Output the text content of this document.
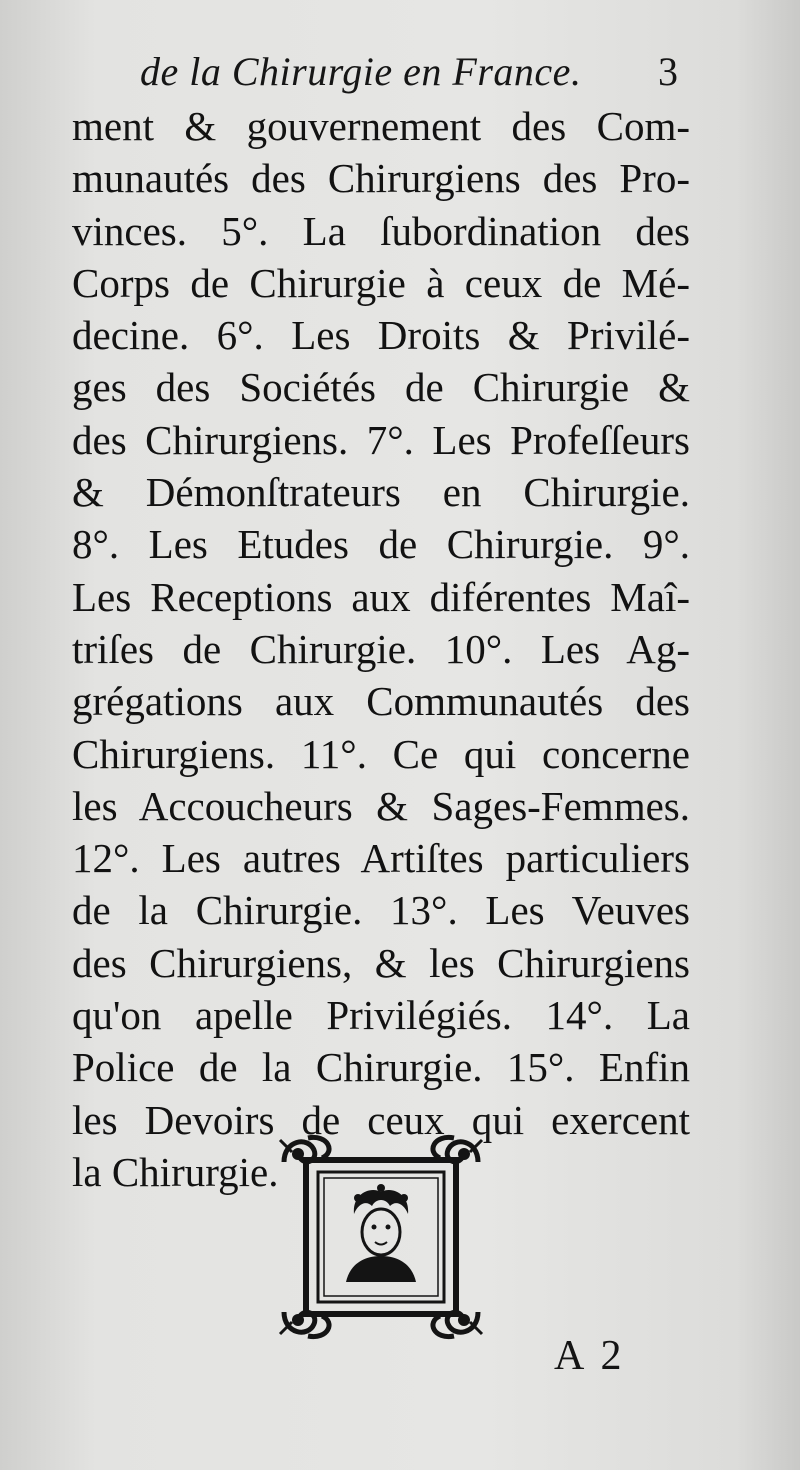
de la Chirurgie en France. 3
ment & gouvernement des Com-
munautés des Chirurgiens des Pro-
vinces. 5°. La ſubordination des
Corps de Chirurgie à ceux de Mé-
decine. 6°. Les Droits & Privilé-
ges des Sociétés de Chirurgie &
des Chirurgiens. 7°. Les Profeſſeurs
& Démonſtrateurs en Chirurgie.
8°. Les Etudes de Chirurgie. 9°.
Les Receptions aux diférentes Maî-
triſes de Chirurgie. 10°. Les Ag-
grégations aux Communautés des
Chirurgiens. 11°. Ce qui concerne
les Accoucheurs & Sages-Femmes.
12°. Les autres Artiſtes particuliers
de la Chirurgie. 13°. Les Veuves
des Chirurgiens, & les Chirurgiens
qu'on apelle Privilégiés. 14°. La
Police de la Chirurgie. 15°. Enfin
les Devoirs de ceux qui exercent
la Chirurgie.
A 2
